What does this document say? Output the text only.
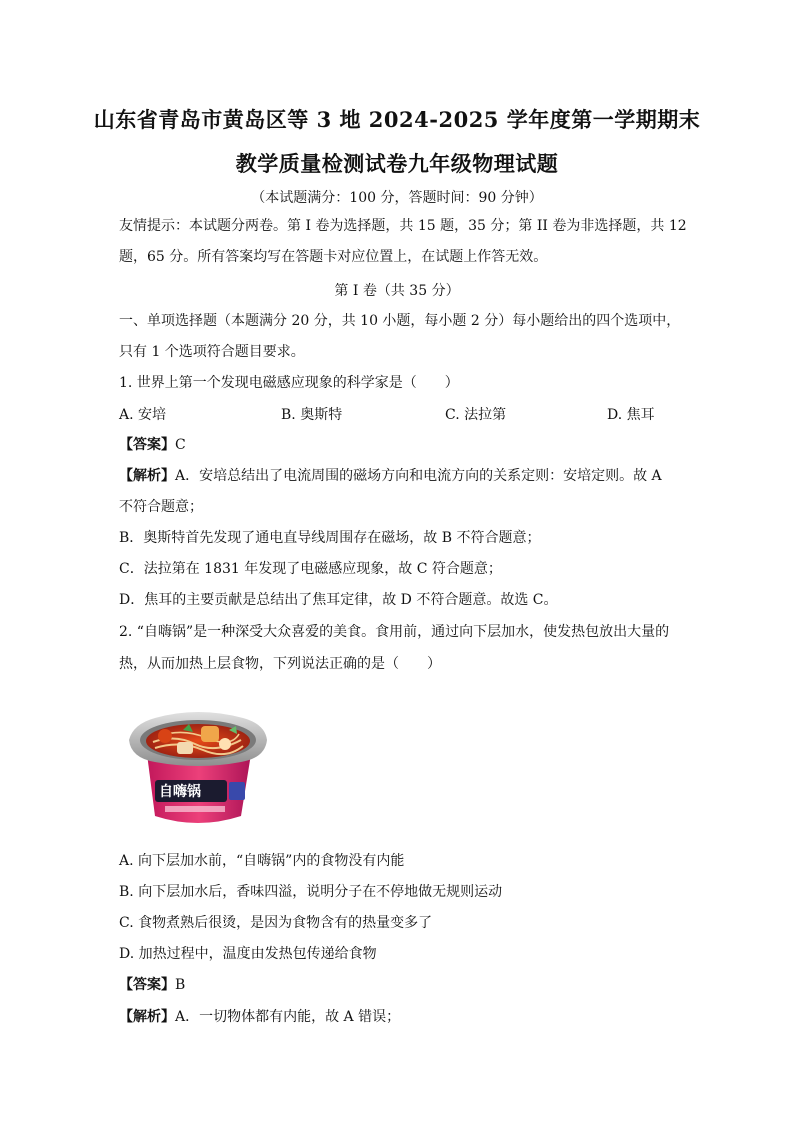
山东省青岛市黄岛区等 3 地 2024-2025 学年度第一学期期末
教学质量检测试卷九年级物理试题
（本试题满分：100 分，答题时间：90 分钟）
友情提示：本试题分两卷。第 I 卷为选择题，共 15 题，35 分；第 II 卷为非选择题，共 12
题，65 分。所有答案均写在答题卡对应位置上，在试题上作答无效。
第 I 卷（共 35 分）
一、单项选择题（本题满分 20 分，共 10 小题，每小题 2 分）每小题给出的四个选项中，
只有 1 个选项符合题目要求。
1. 世界上第一个发现电磁感应现象的科学家是（　　）
A. 安培	B. 奥斯特	C. 法拉第	D. 焦耳
【答案】C
【解析】A．安培总结出了电流周围的磁场方向和电流方向的关系定则：安培定则。故 A
不符合题意；
B．奥斯特首先发现了通电直导线周围存在磁场，故 B 不符合题意；
C．法拉第在 1831 年发现了电磁感应现象，故 C 符合题意；
D．焦耳的主要贡献是总结出了焦耳定律，故 D 不符合题意。故选 C。
2. “自嗨锅”是一种深受大众喜爱的美食。食用前，通过向下层加水，使发热包放出大量的
热，从而加热上层食物，下列说法正确的是（　　）
自嗨锅
A. 向下层加水前，“自嗨锅”内的食物没有内能
B. 向下层加水后，香味四溢，说明分子在不停地做无规则运动
C. 食物煮熟后很烫，是因为食物含有的热量变多了
D. 加热过程中，温度由发热包传递给食物
【答案】B
【解析】A．一切物体都有内能，故 A 错误；
